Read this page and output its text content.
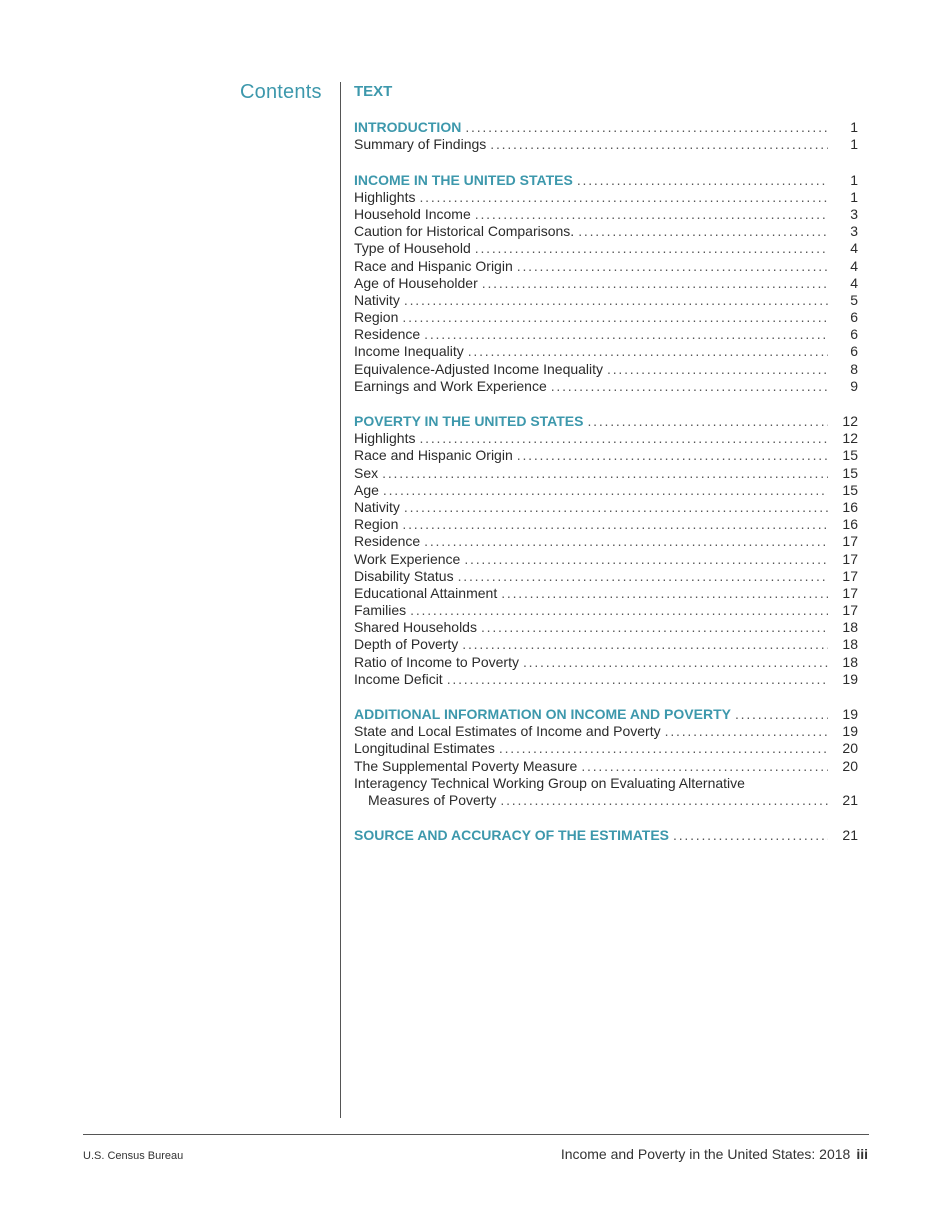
Contents TEXT
INTRODUCTION .....	1
Summary of Findings .....	1
INCOME IN THE UNITED STATES .....	1
Highlights .....	1
Household Income .....	3
Caution for Historical Comparisons. .....	3
Type of Household .....	4
Race and Hispanic Origin .....	4
Age of Householder .....	4
Nativity .....	5
Region .....	6
Residence .....	6
Income Inequality .....	6
Equivalence-Adjusted Income Inequality .....	8
Earnings and Work Experience .....	9
POVERTY IN THE UNITED STATES .....	12
Highlights .....	12
Race and Hispanic Origin .....	15
Sex .....	15
Age .....	15
Nativity .....	16
Region .....	16
Residence .....	17
Work Experience .....	17
Disability Status .....	17
Educational Attainment .....	17
Families .....	17
Shared Households .....	18
Depth of Poverty .....	18
Ratio of Income to Poverty .....	18
Income Deficit .....	19
ADDITIONAL INFORMATION ON INCOME AND POVERTY .....	19
State and Local Estimates of Income and Poverty .....	19
Longitudinal Estimates .....	20
The Supplemental Poverty Measure .....	20
Interagency Technical Working Group on Evaluating Alternative
Measures of Poverty .....	21
SOURCE AND ACCURACY OF THE ESTIMATES .....	21
U.S. Census Bureau	Income and Poverty in the United States: 2018 iii
